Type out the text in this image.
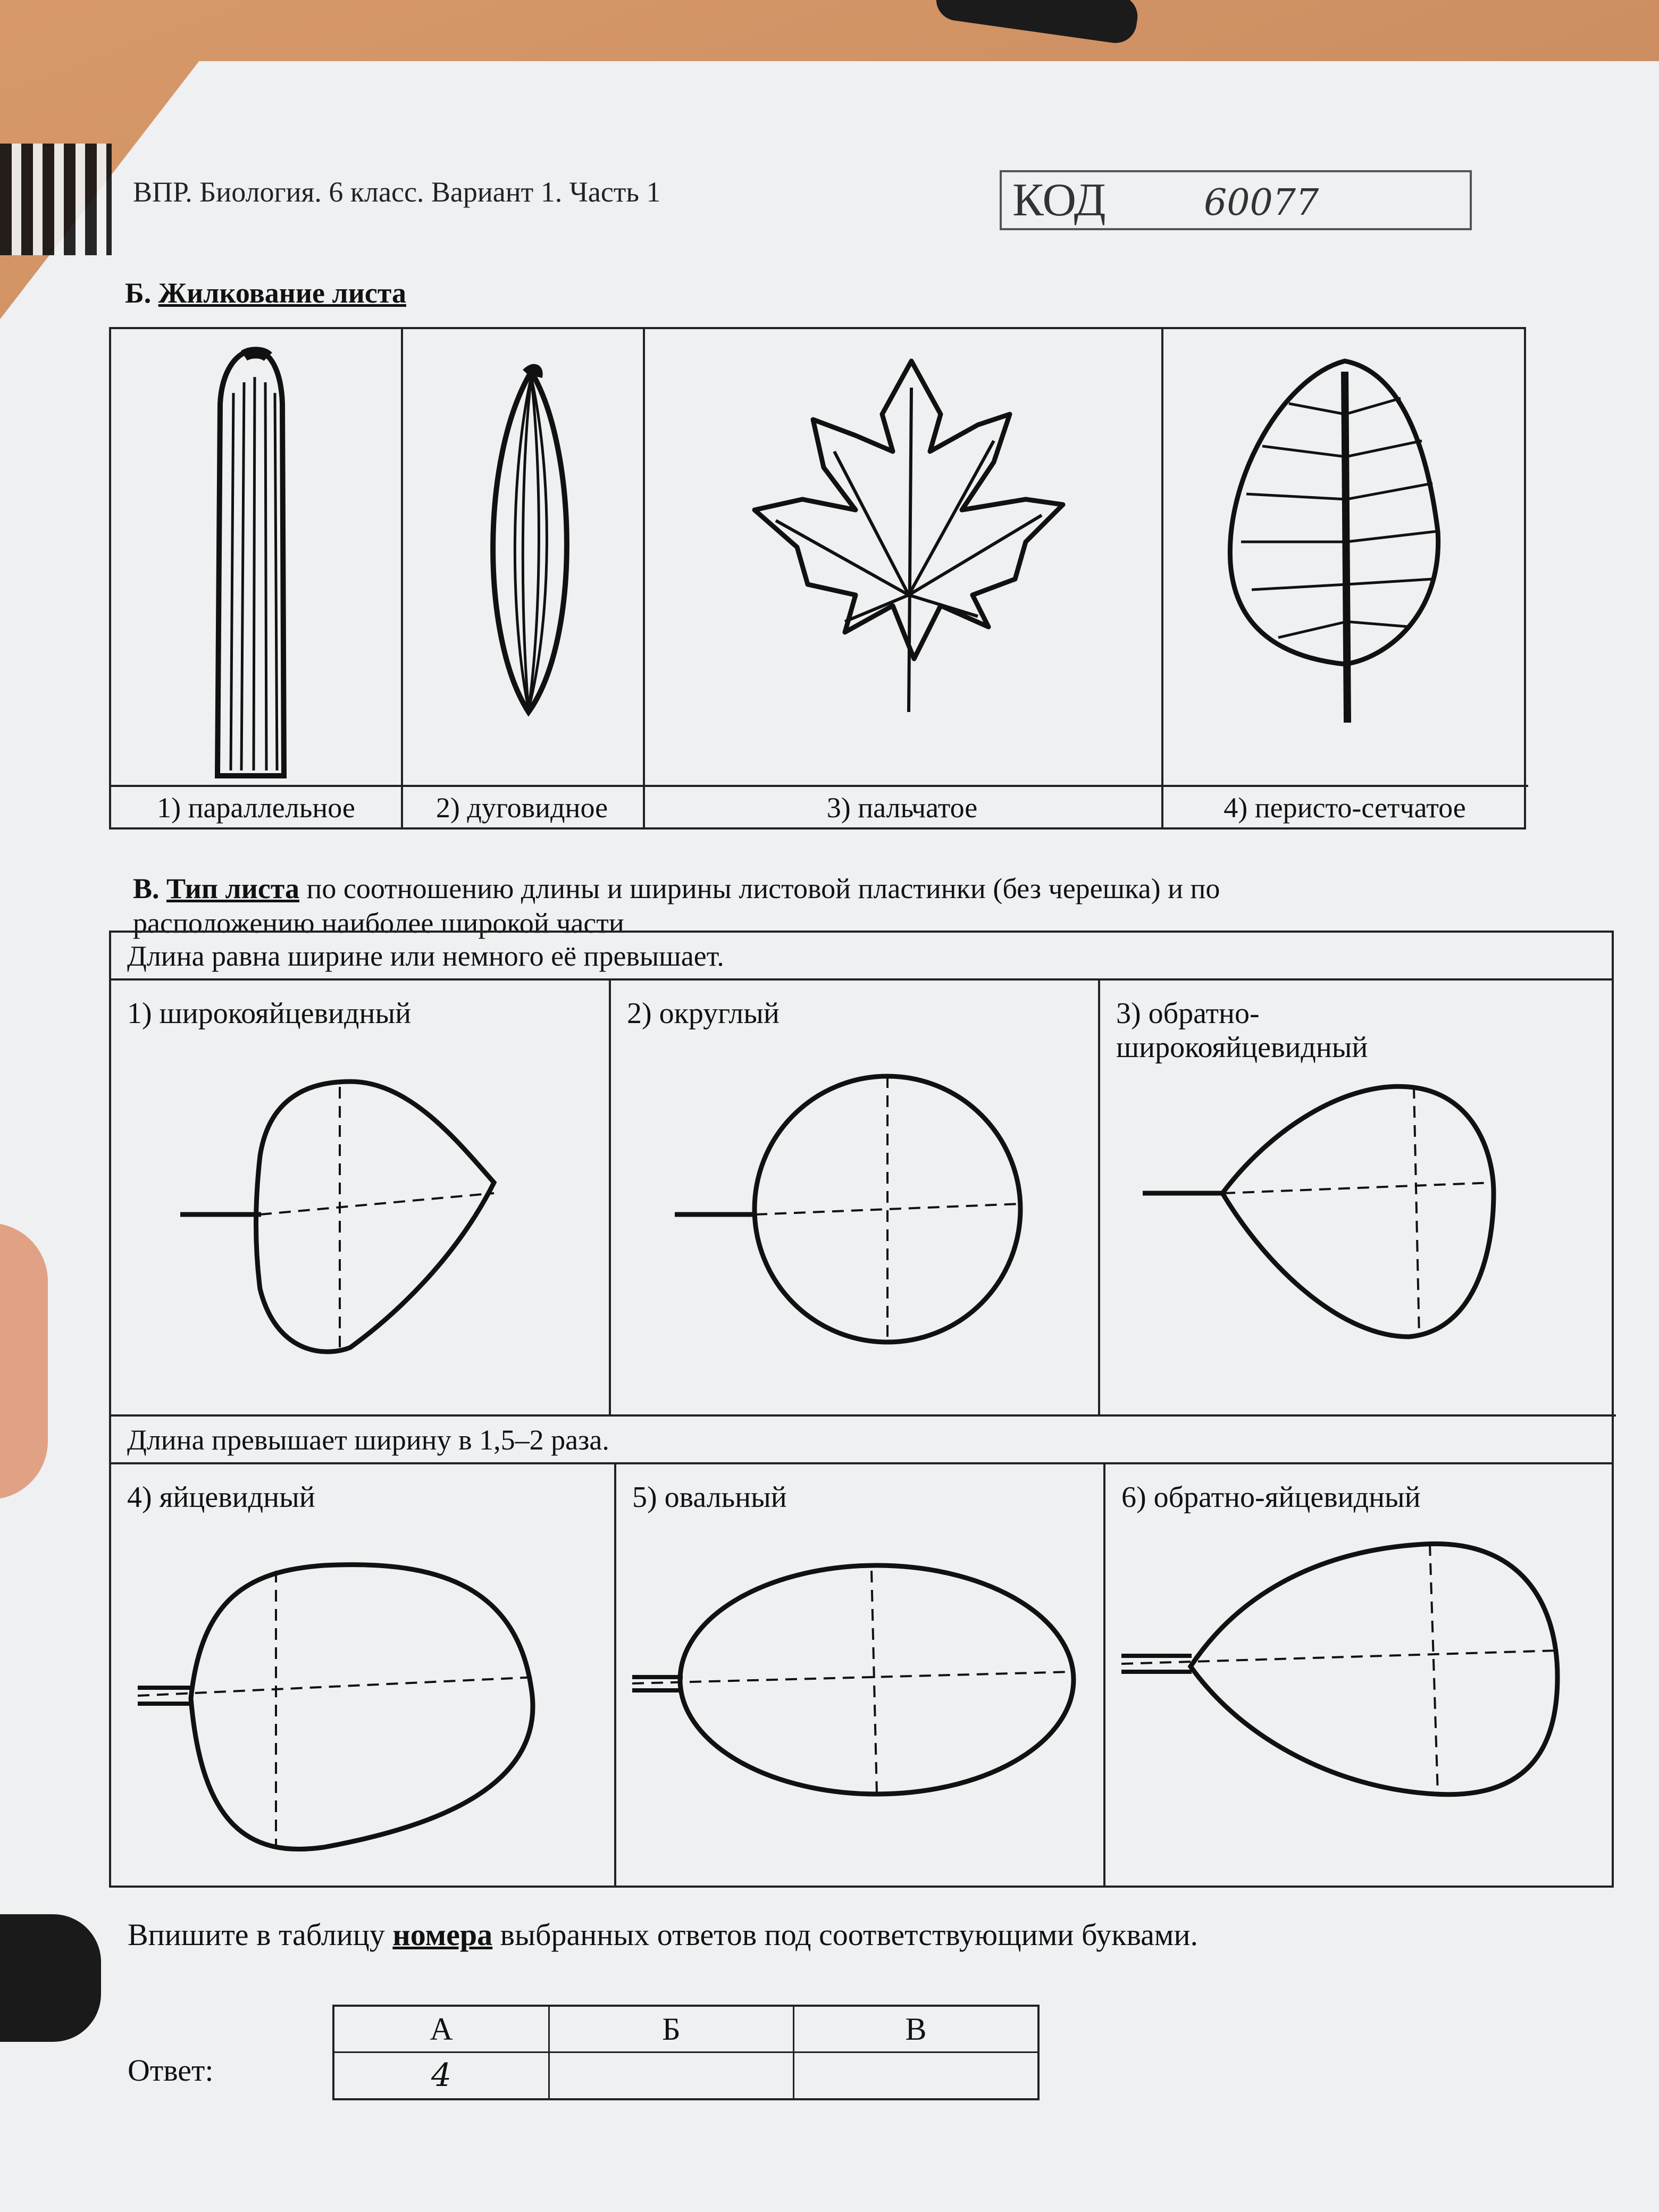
ВПР. Биология. 6 класс. Вариант 1. Часть 1	КОД	60077
Б. Жилкование листа
1) параллельное	2) дуговидное	3) пальчатое	4) перисто-сетчатое
В. Тип листа по соотношению длины и ширины листовой пластинки (без черешка) и по
расположению наиболее широкой части
Длина равна ширине или немного её превышает.
1) широкояйцевидный	2) округлый	3) обратно-
широкояйцевидный
Длина превышает ширину в 1,5–2 раза.
4) яйцевидный	5) овальный	6) обратно-яйцевидный
Впишите в таблицу номера выбранных ответов под соответствующими буквами.
Ответ:
А	Б	В
4
